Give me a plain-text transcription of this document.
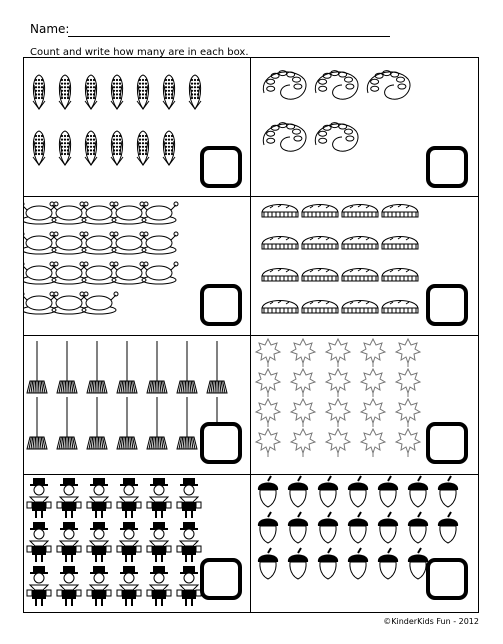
Name:
Count and write how many are in each box.
©KinderKids Fun - 2012
